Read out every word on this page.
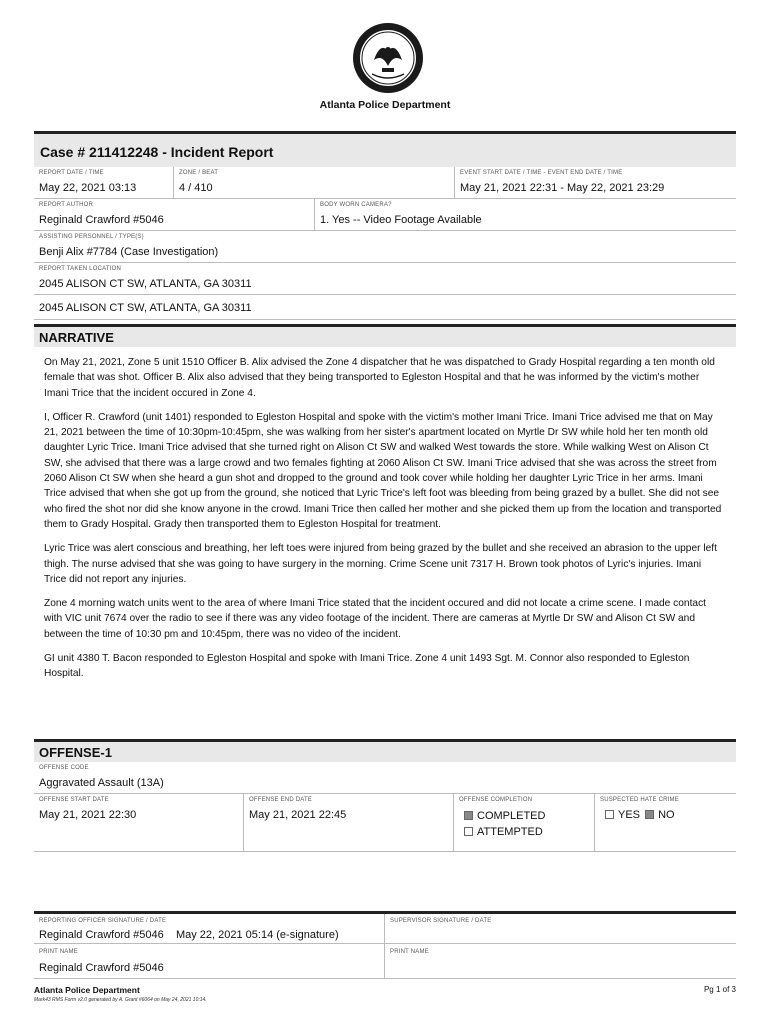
Atlanta Police Department
Case # 211412248 - Incident Report
REPORT DATE / TIME
May 22, 2021 03:13
ZONE / BEAT
4 / 410
EVENT START DATE / TIME - EVENT END DATE / TIME
May 21, 2021 22:31 - May 22, 2021 23:29
REPORT AUTHOR
Reginald Crawford #5046
BODY WORN CAMERA?
1. Yes -- Video Footage Available
ASSISTING PERSONNEL / TYPE(S)
Benji Alix #7784 (Case Investigation)
REPORT TAKEN LOCATION
2045 ALISON CT SW, ATLANTA, GA 30311
2045 ALISON CT SW, ATLANTA, GA 30311
NARRATIVE

On May 21, 2021, Zone 5 unit 1510 Officer B. Alix advised the Zone 4 dispatcher that he was dispatched to Grady Hospital regarding a ten month old female that was shot. Officer B. Alix also advised that they being transported to Egleston Hospital and that he was informed by the victim's mother Imani Trice that the incident occured in Zone 4.

I, Officer R. Crawford (unit 1401) responded to Egleston Hospital and spoke with the victim's mother Imani Trice. Imani Trice advised me that on May 21, 2021 between the time of 10:30pm-10:45pm, she was walking from her sister's apartment located on Myrtle Dr SW while hold her ten month old daughter Lyric Trice. Imani Trice advised that she turned right on Alison Ct SW and walked West towards the store. While walking West on Alison Ct SW, she advised that there was a large crowd and two females fighting at 2060 Alison Ct SW. Imani Trice advised that she was across the street from 2060 Alison Ct SW when she heard a gun shot and dropped to the ground and took cover while holding her daughter Lyric Trice in her arms. Imani Trice advised that when she got up from the ground, she noticed that Lyric Trice's left foot was bleeding from being grazed by a bullet. She did not see who fired the shot nor did she know anyone in the crowd. Imani Trice then called her mother and she picked them up from the location and transported them to Grady Hospital. Grady then transported them to Egleston Hospital for treatment.

Lyric Trice was alert conscious and breathing, her left toes were injured from being grazed by the bullet and she received an abrasion to the upper left thigh. The nurse advised that she was going to have surgery in the morning. Crime Scene unit 7317 H. Brown took photos of Lyric's injuries. Imani Trice did not report any injuries.

Zone 4 morning watch units went to the area of where Imani Trice stated that the incident occured and did not locate a crime scene. I made contact with VIC unit 7674 over the radio to see if there was any video footage of the incident. There are cameras at Myrtle Dr SW and Alison Ct SW and between the time of 10:30 pm and 10:45pm, there was no video of the incident.

GI unit 4380 T. Bacon responded to Egleston Hospital and spoke with Imani Trice. Zone 4 unit 1493 Sgt. M. Connor also responded to Egleston Hospital.

OFFENSE-1
OFFENSE CODE
Aggravated Assault (13A)
OFFENSE START DATE
May 21, 2021 22:30
OFFENSE END DATE
May 21, 2021 22:45
OFFENSE COMPLETION
COMPLETED
ATTEMPTED
SUSPECTED HATE CRIME
YES NO
REPORTING OFFICER SIGNATURE / DATE
Reginald Crawford #5046    May 22, 2021 05:14 (e-signature)
SUPERVISOR SIGNATURE / DATE
PRINT NAME
Reginald Crawford #5046
PRINT NAME
Atlanta Police Department
Mark43 RMS Form v2.0 generated by A. Grant #6064 on May 24, 2021 10:14.
Pg 1 of 3
